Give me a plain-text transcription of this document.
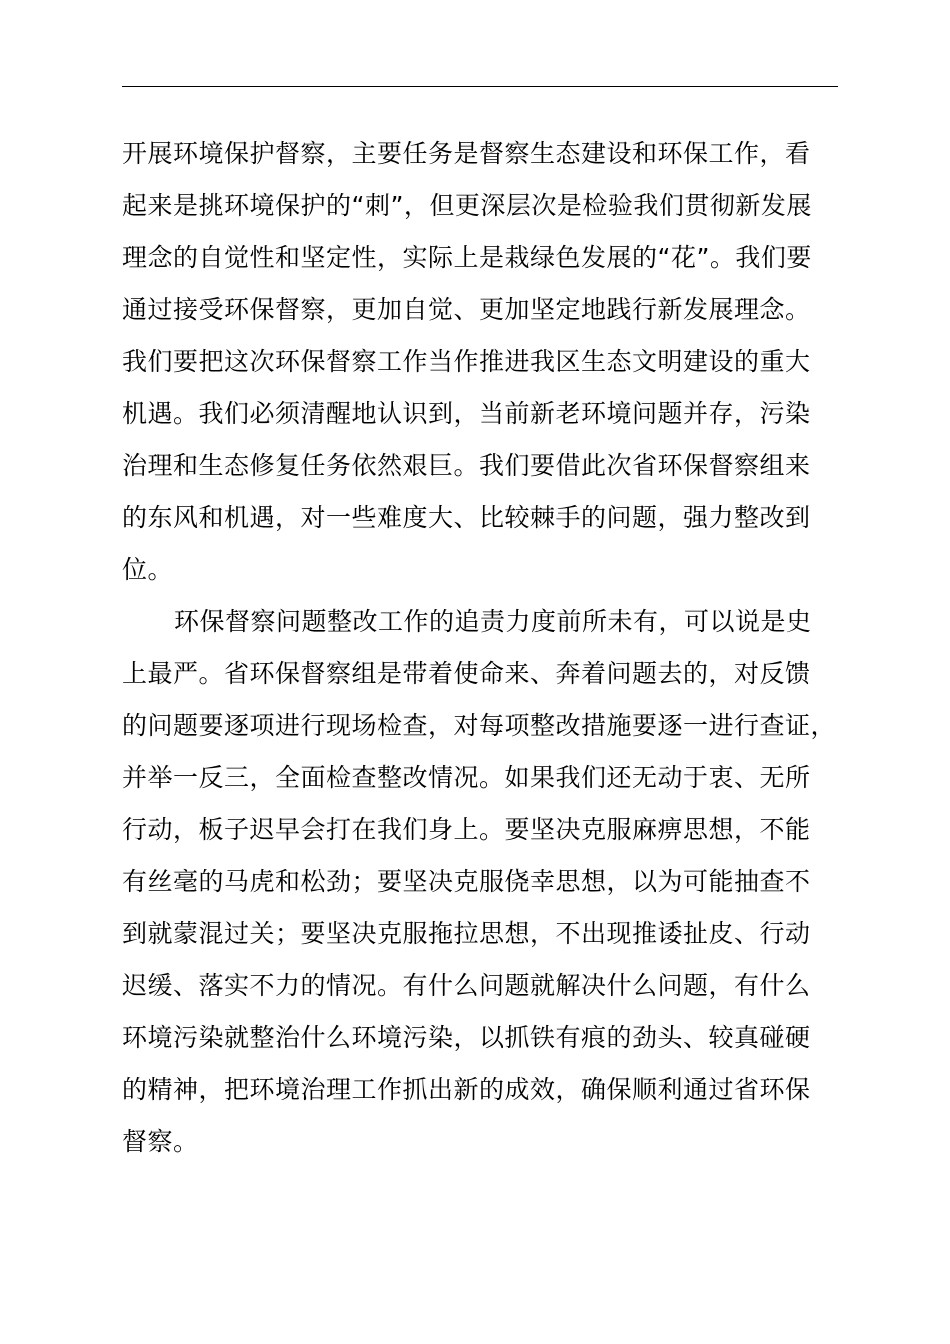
开展环境保护督察，主要任务是督察生态建设和环保工作，看
起来是挑环境保护的“刺”，但更深层次是检验我们贯彻新发展
理念的自觉性和坚定性，实际上是栽绿色发展的“花”。我们要
通过接受环保督察，更加自觉、更加坚定地践行新发展理念。
我们要把这次环保督察工作当作推进我区生态文明建设的重大
机遇。我们必须清醒地认识到，当前新老环境问题并存，污染
治理和生态修复任务依然艰巨。我们要借此次省环保督察组来
的东风和机遇，对一些难度大、比较棘手的问题，强力整改到
位。
环保督察问题整改工作的追责力度前所未有，可以说是史
上最严。省环保督察组是带着使命来、奔着问题去的，对反馈
的问题要逐项进行现场检查，对每项整改措施要逐一进行查证，
并举一反三，全面检查整改情况。如果我们还无动于衷、无所
行动，板子迟早会打在我们身上。要坚决克服麻痹思想，不能
有丝毫的马虎和松劲；要坚决克服侥幸思想，以为可能抽查不
到就蒙混过关；要坚决克服拖拉思想，不出现推诿扯皮、行动
迟缓、落实不力的情况。有什么问题就解决什么问题，有什么
环境污染就整治什么环境污染，以抓铁有痕的劲头、较真碰硬
的精神，把环境治理工作抓出新的成效，确保顺利通过省环保
督察。
